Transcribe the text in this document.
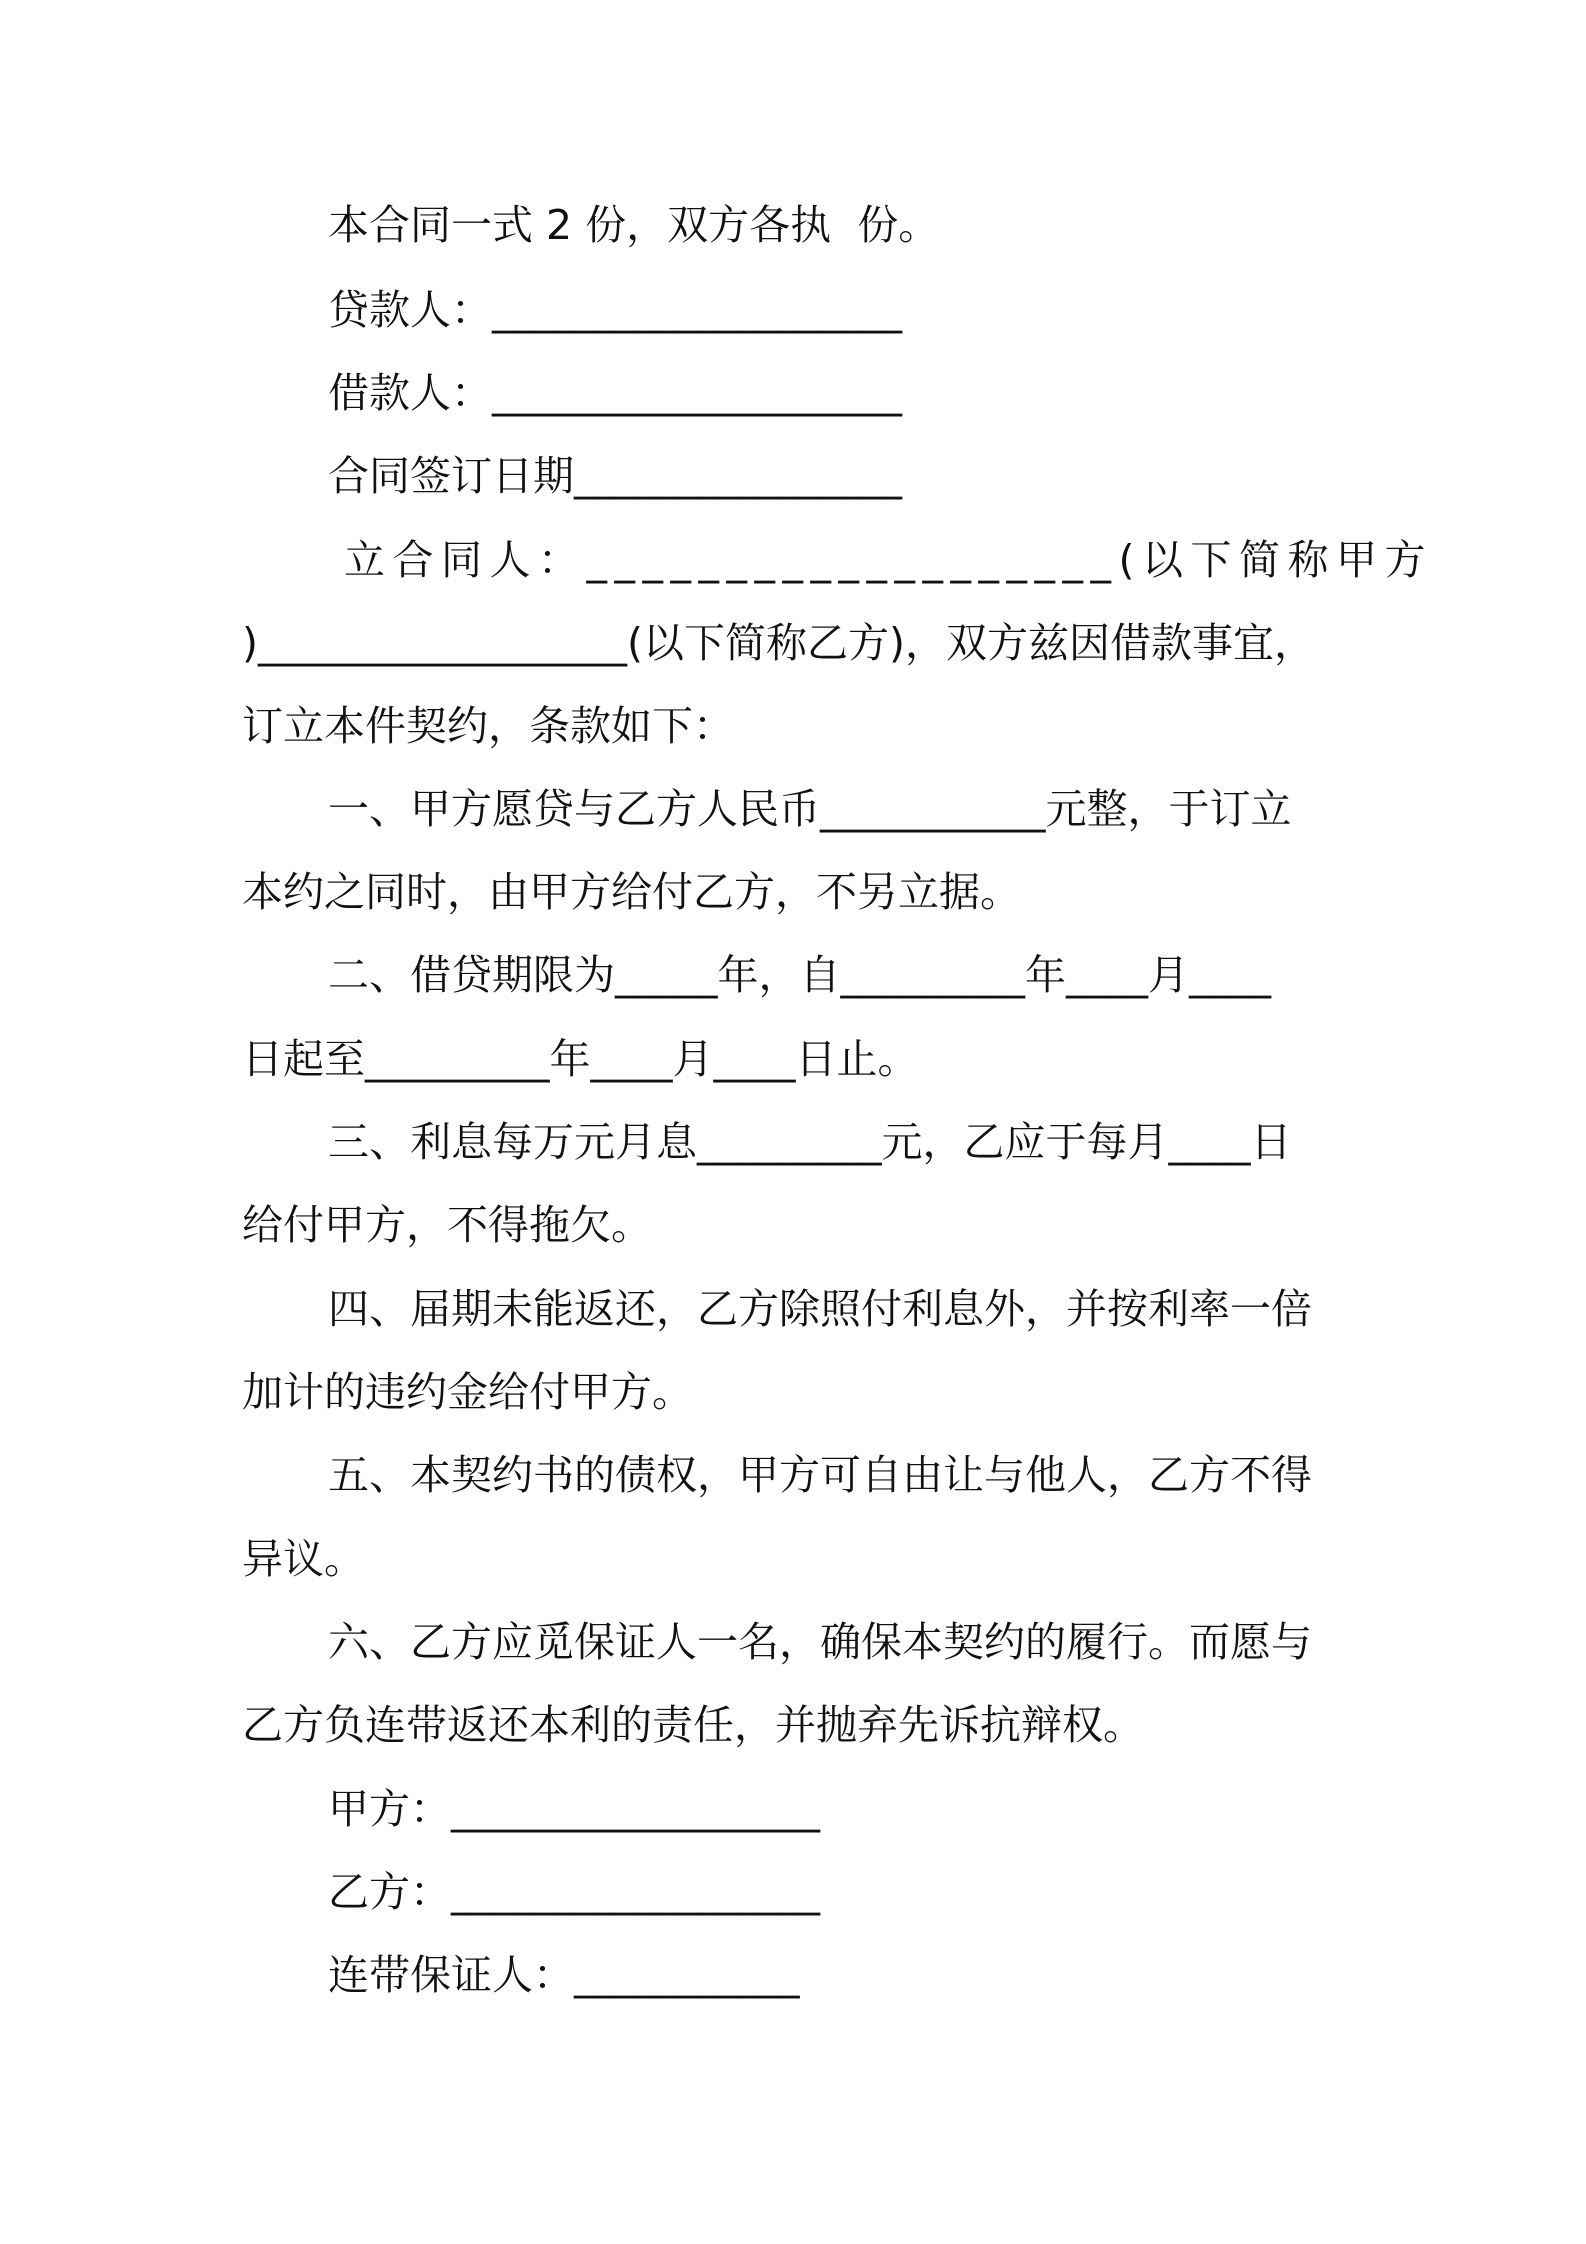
本合同一式 2 份，双方各执  份。
贷款人：____________________
借款人：____________________
合同签订日期________________
立合同人：___________________(以下简称甲方
)__________________(以下简称乙方)，双方兹因借款事宜，
订立本件契约，条款如下：
一、甲方愿贷与乙方人民币___________元整，于订立
本约之同时，由甲方给付乙方，不另立据。
二、借贷期限为_____年，自_________年____月____
日起至_________年____月____日止。
三、利息每万元月息_________元，乙应于每月____日
给付甲方，不得拖欠。
四、届期未能返还，乙方除照付利息外，并按利率一倍
加计的违约金给付甲方。
五、本契约书的债权，甲方可自由让与他人，乙方不得
异议。
六、乙方应觅保证人一名，确保本契约的履行。而愿与
乙方负连带返还本利的责任，并抛弃先诉抗辩权。
甲方：__________________
乙方：__________________
连带保证人：___________
